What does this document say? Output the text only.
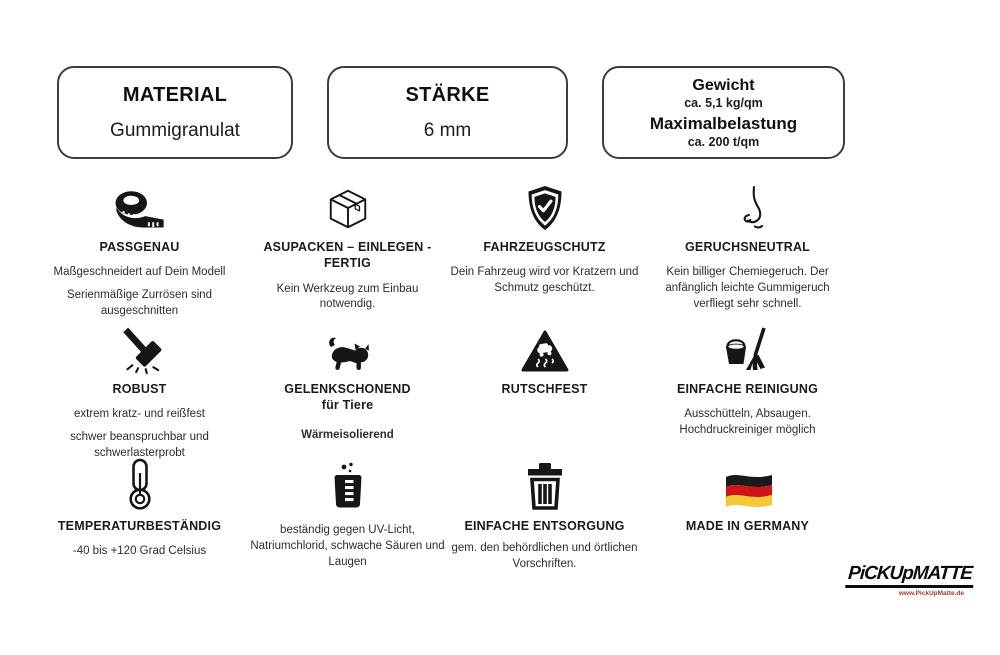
MATERIAL
Gummigranulat
STÄRKE
6 mm
Gewicht
ca. 5,1 kg/qm
Maximalbelastung
ca. 200 t/qm
PASSGENAU

Maßgeschneidert auf Dein Modell

Serienmäßige Zurrösen sind ausgeschnitten

ASUPACKEN – EINLEGEN -
FERTIG

Kein Werkzeug zum Einbau notwendig.

FAHRZEUGSCHUTZ

Dein Fahrzeug wird vor Kratzern und Schmutz geschützt.

GERUCHSNEUTRAL

Kein billiger Chemiegeruch. Der anfänglich leichte Gummigeruch verfliegt sehr schnell.

ROBUST

extrem kratz- und reißfest

schwer beanspruchbar und schwerlasterprobt

GELENKSCHONEND
für Tiere

Wärmeisolierend

RUTSCHFEST	EINFACHE REINIGUNG

Ausschütteln, Absaugen. Hochdruckreiniger möglich

TEMPERATURBESTÄNDIG

-40 bis +120 Grad Celsius

beständig gegen UV-Licht, Natriumchlorid, schwache Säuren und Laugen

EINFACHE ENTSORGUNG

gem. den behördlichen und örtlichen Vorschriften.

MADE IN GERMANY
PiCKUpMATTE
www.PickUpMatte.de
